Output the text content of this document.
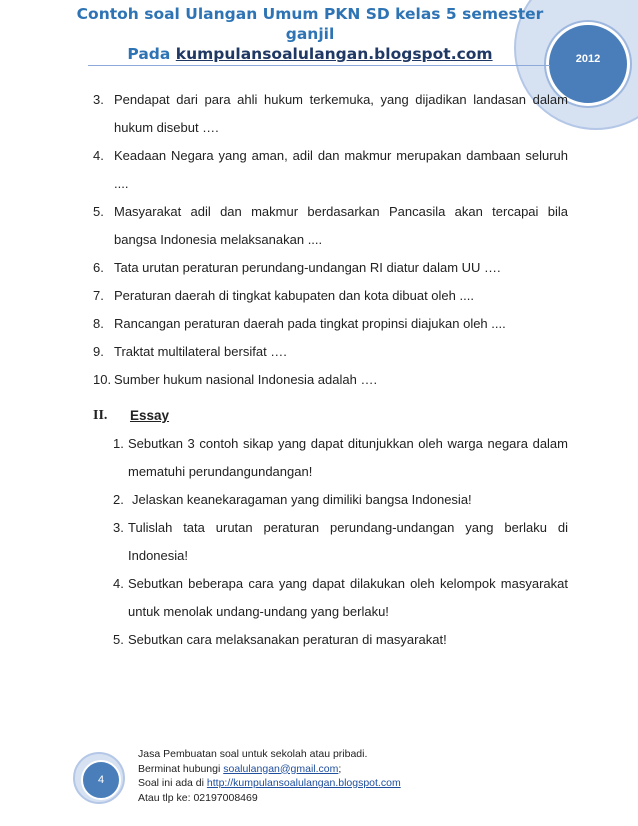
2012
Contoh soal Ulangan Umum PKN SD kelas 5 semester ganjil
Pada kumpulansoalulangan.blogspot.com
3. Pendapat dari para ahli hukum terkemuka, yang dijadikan landasan dalam hukum disebut ….
4. Keadaan Negara yang aman, adil dan makmur merupakan dambaan seluruh ....
5. Masyarakat adil dan makmur berdasarkan Pancasila akan tercapai bila bangsa Indonesia melaksanakan ....
6. Tata urutan peraturan perundang-undangan RI diatur dalam UU ….
7. Peraturan daerah di tingkat kabupaten dan kota dibuat oleh ....
8. Rancangan peraturan daerah pada tingkat propinsi diajukan oleh ....
9. Traktat multilateral bersifat ….
10. Sumber hukum nasional Indonesia adalah ….
II. Essay
1. Sebutkan 3 contoh sikap yang dapat ditunjukkan oleh warga negara dalam mematuhi perundangundangan!
2. Jelaskan keanekaragaman yang dimiliki bangsa Indonesia!
3. Tulislah tata urutan peraturan perundang-undangan yang berlaku di Indonesia!
4. Sebutkan beberapa cara yang dapat dilakukan oleh kelompok masyarakat untuk menolak undang-undang yang berlaku!
5. Sebutkan cara melaksanakan peraturan di masyarakat!
4
Jasa Pembuatan soal untuk sekolah atau pribadi.
Berminat hubungi soalulangan@gmail.com;
Soal ini ada di http://kumpulansoalulangan.blogspot.com
Atau tlp ke: 02197008469
